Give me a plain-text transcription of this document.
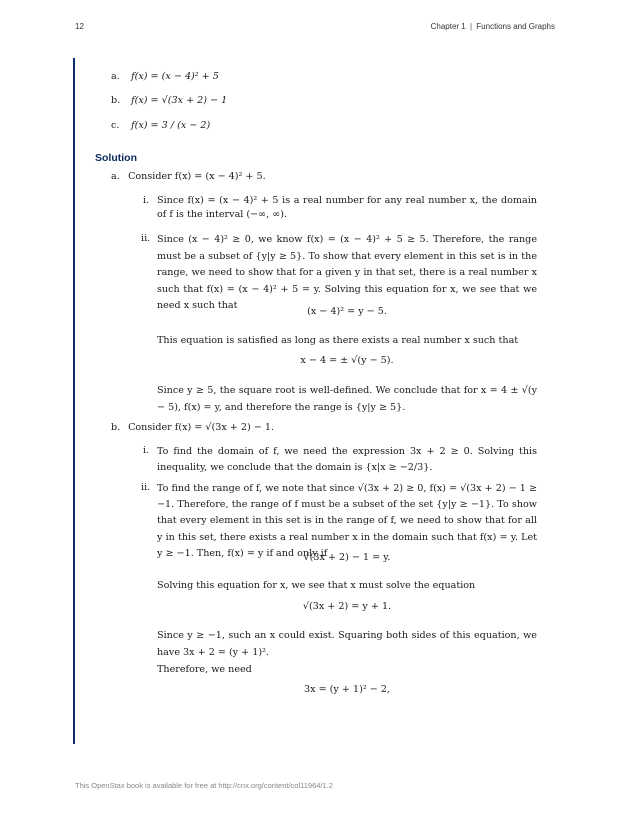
12	Chapter 1 | Functions and Graphs
a. f(x) = (x − 4)² + 5
b. f(x) = √(3x + 2) − 1
c. f(x) = 3 / (x − 2)
Solution
a. Consider f(x) = (x − 4)² + 5.
i. Since f(x) = (x − 4)² + 5 is a real number for any real number x, the domain of f is the interval (−∞, ∞).
ii. Since (x − 4)² ≥ 0, we know f(x) = (x − 4)² + 5 ≥ 5. Therefore, the range must be a subset of {y|y ≥ 5}. To show that every element in this set is in the range, we need to show that for a given y in that set, there is a real number x such that f(x) = (x − 4)² + 5 = y. Solving this equation for x, we see that we need x such that
(x − 4)² = y − 5.
This equation is satisfied as long as there exists a real number x such that
x − 4 = ± √(y − 5).
Since y ≥ 5, the square root is well-defined. We conclude that for x = 4 ± √(y − 5), f(x) = y, and therefore the range is {y|y ≥ 5}.
b. Consider f(x) = √(3x + 2) − 1.
i. To find the domain of f, we need the expression 3x + 2 ≥ 0. Solving this inequality, we conclude that the domain is {x|x ≥ −2/3}.
ii. To find the range of f, we note that since √(3x + 2) ≥ 0, f(x) = √(3x + 2) − 1 ≥ −1. Therefore, the range of f must be a subset of the set {y|y ≥ −1}. To show that every element in this set is in the range of f, we need to show that for all y in this set, there exists a real number x in the domain such that f(x) = y. Let y ≥ −1. Then, f(x) = y if and only if
√(3x + 2) − 1 = y.
Solving this equation for x, we see that x must solve the equation
√(3x + 2) = y + 1.
Since y ≥ −1, such an x could exist. Squaring both sides of this equation, we have 3x + 2 = (y + 1)².
Therefore, we need
3x = (y + 1)² − 2,
This OpenStax book is available for free at http://cnx.org/content/col11964/1.2
